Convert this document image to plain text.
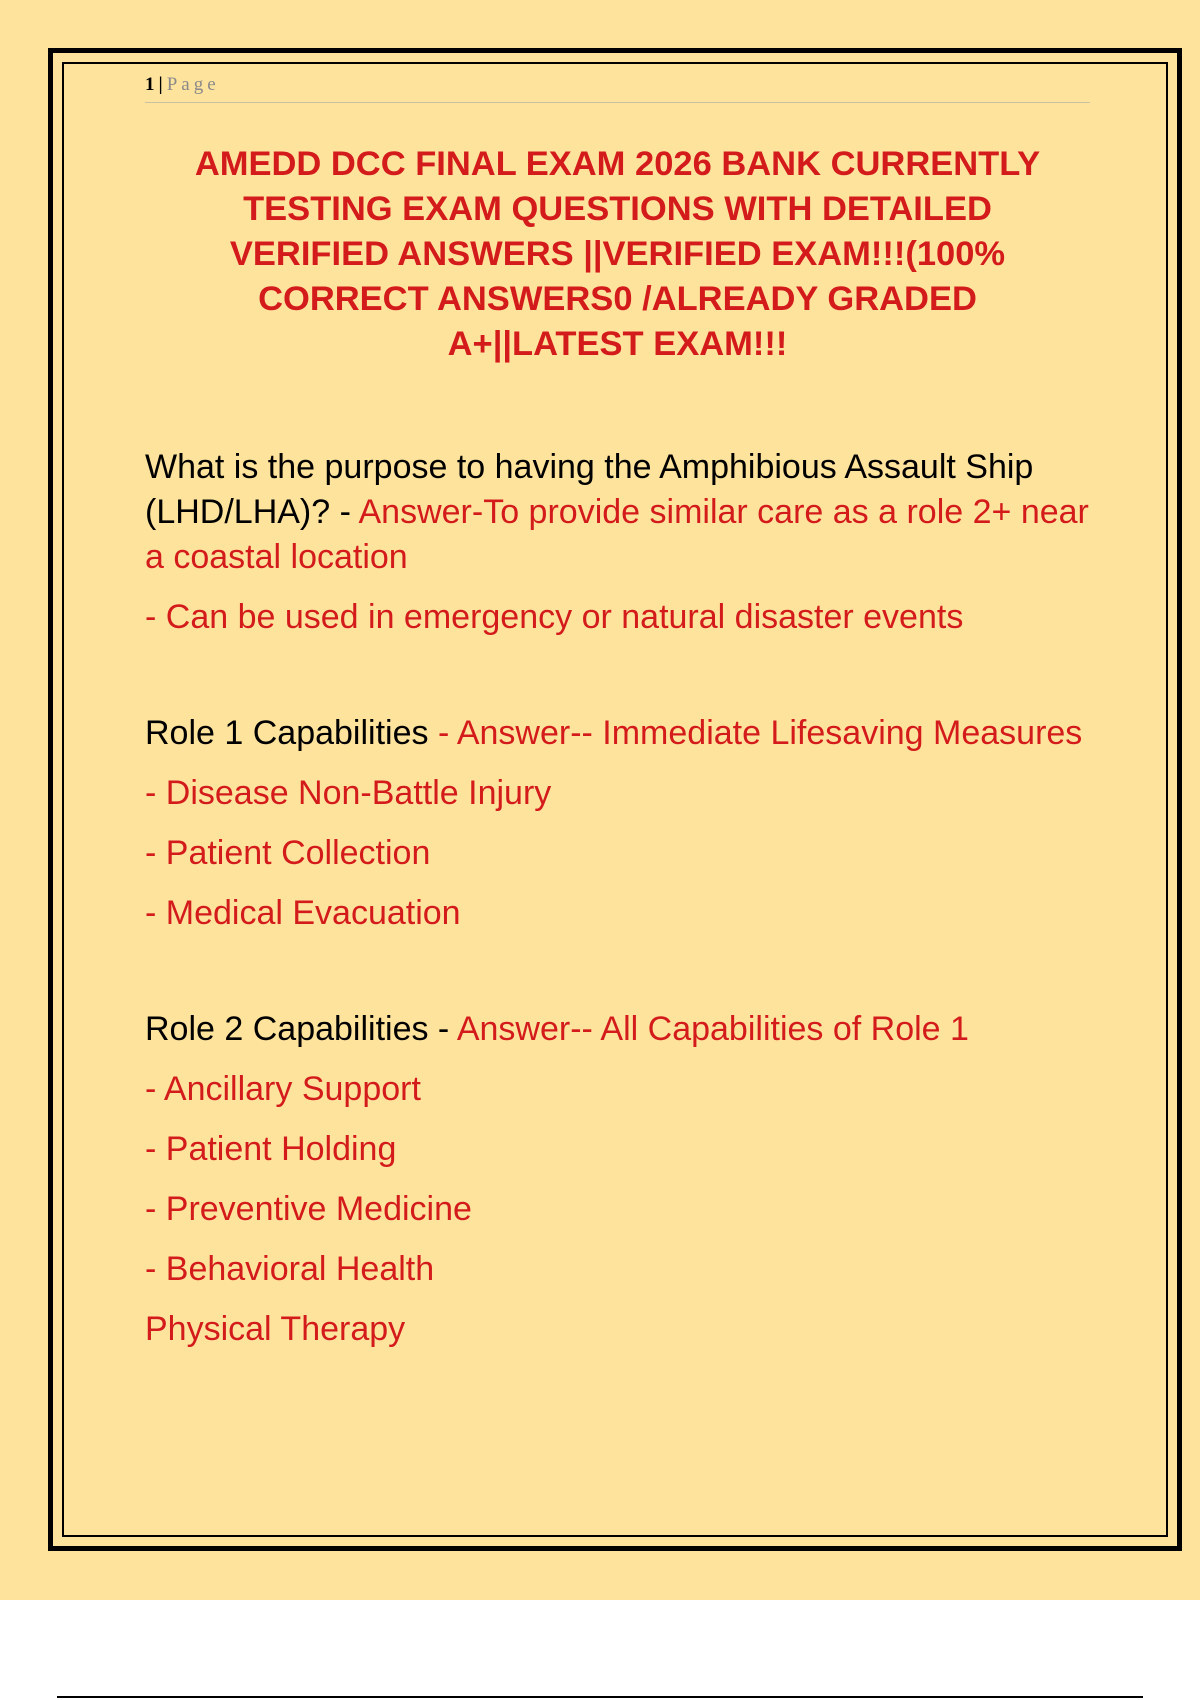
1 | Page
AMEDD DCC FINAL EXAM 2026 BANK CURRENTLY
TESTING EXAM QUESTIONS WITH DETAILED
VERIFIED ANSWERS ||VERIFIED EXAM!!!(100%
CORRECT ANSWERS0 /ALREADY GRADED
A+||LATEST EXAM!!!

What is the purpose to having the Amphibious Assault Ship (LHD/LHA)? - Answer-To provide similar care as a role 2+ near a coastal location

- Can be used in emergency or natural disaster events

Role 1 Capabilities - Answer-- Immediate Lifesaving Measures

- Disease Non-Battle Injury

- Patient Collection

- Medical Evacuation

Role 2 Capabilities - Answer-- All Capabilities of Role 1

- Ancillary Support

- Patient Holding

- Preventive Medicine

- Behavioral Health

Physical Therapy
